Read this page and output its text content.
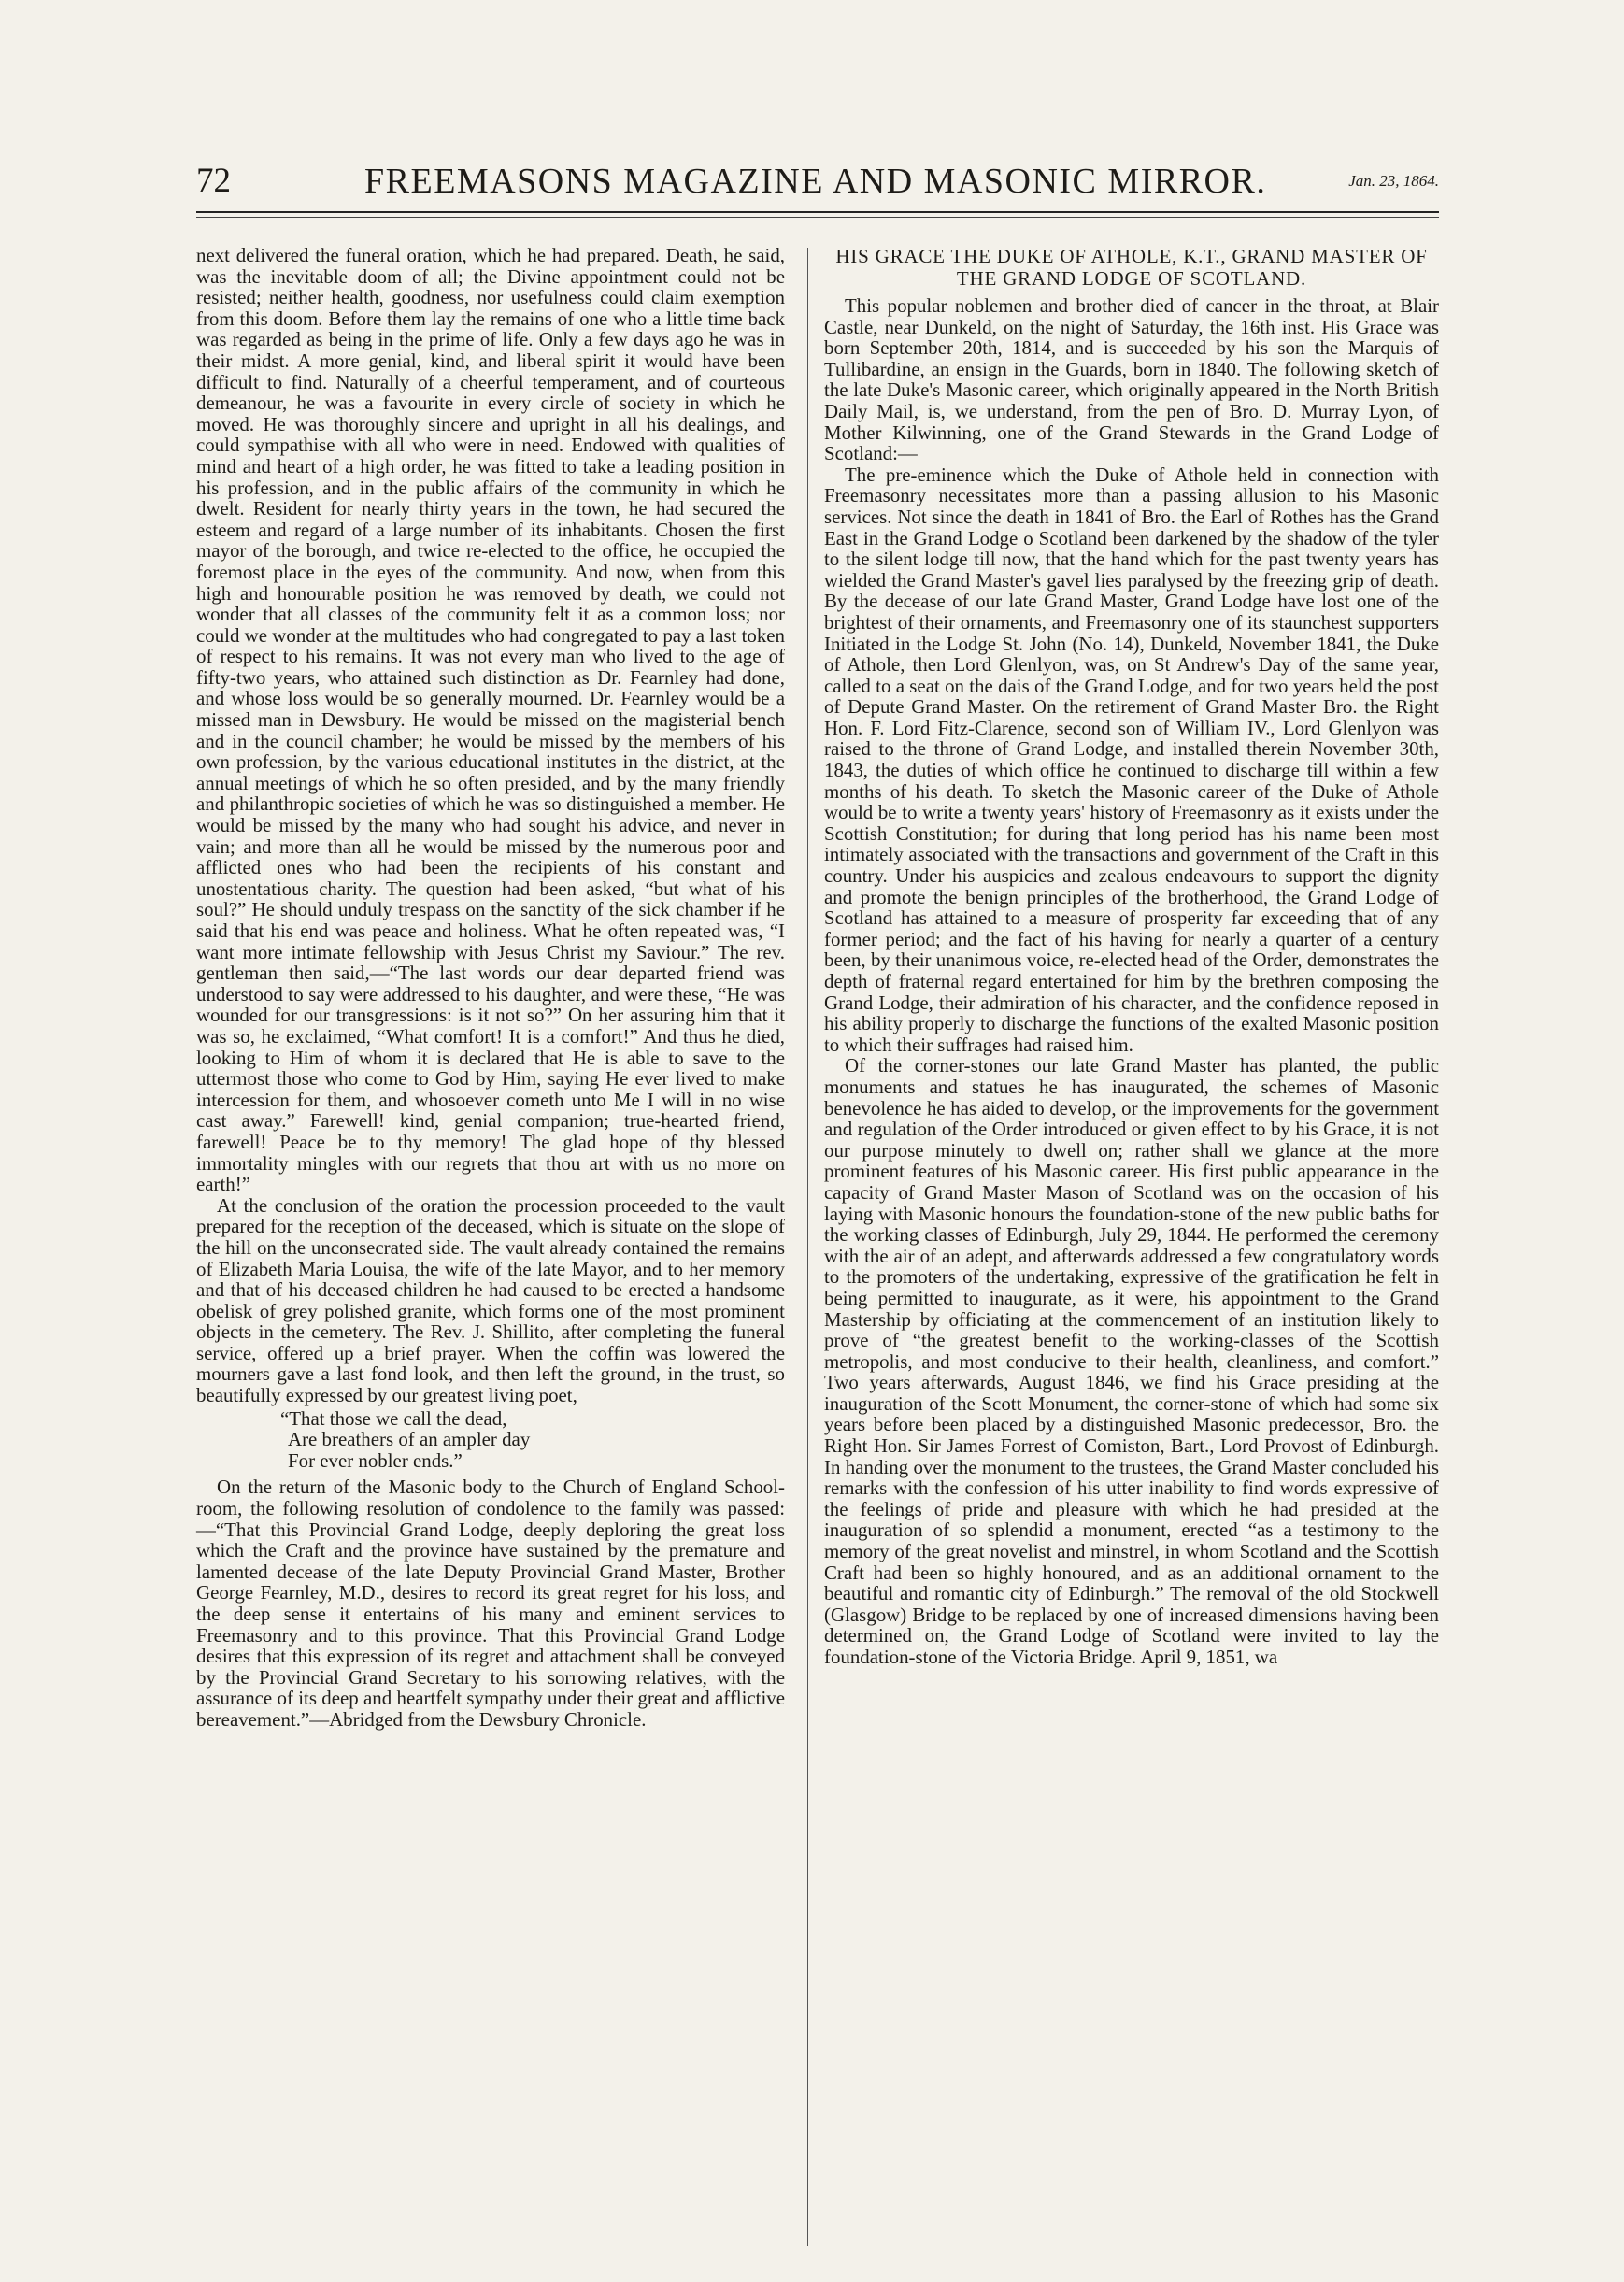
72	FREEMASONS MAGAZINE AND MASONIC MIRROR.	Jan. 23, 1864.

next delivered the funeral oration, which he had prepared. Death, he said, was the inevitable doom of all; the Divine appointment could not be resisted; neither health, goodness, nor usefulness could claim exemption from this doom. Before them lay the remains of one who a little time back was regarded as being in the prime of life. Only a few days ago he was in their midst. A more genial, kind, and liberal spirit it would have been difficult to find. Naturally of a cheerful temperament, and of courteous demeanour, he was a favourite in every circle of society in which he moved. He was thoroughly sincere and upright in all his dealings, and could sympathise with all who were in need. Endowed with qualities of mind and heart of a high order, he was fitted to take a leading position in his profession, and in the public affairs of the community in which he dwelt. Resident for nearly thirty years in the town, he had secured the esteem and regard of a large number of its inhabitants. Chosen the first mayor of the borough, and twice re-elected to the office, he occupied the foremost place in the eyes of the community. And now, when from this high and honourable position he was removed by death, we could not wonder that all classes of the community felt it as a common loss; nor could we wonder at the multitudes who had congregated to pay a last token of respect to his remains. It was not every man who lived to the age of fifty-two years, who attained such distinction as Dr. Fearnley had done, and whose loss would be so generally mourned. Dr. Fearnley would be a missed man in Dewsbury. He would be missed on the magisterial bench and in the council chamber; he would be missed by the members of his own profession, by the various educational institutes in the district, at the annual meetings of which he so often presided, and by the many friendly and philanthropic societies of which he was so distinguished a member. He would be missed by the many who had sought his advice, and never in vain; and more than all he would be missed by the numerous poor and afflicted ones who had been the recipients of his constant and unostentatious charity. The question had been asked, “but what of his soul?” He should unduly trespass on the sanctity of the sick chamber if he said that his end was peace and holiness. What he often repeated was, “I want more intimate fellowship with Jesus Christ my Saviour.” The rev. gentleman then said,—“The last words our dear departed friend was understood to say were addressed to his daughter, and were these, “He was wounded for our transgressions: is it not so?” On her assuring him that it was so, he exclaimed, “What comfort! It is a comfort!” And thus he died, looking to Him of whom it is declared that He is able to save to the uttermost those who come to God by Him, saying He ever lived to make intercession for them, and whosoever cometh unto Me I will in no wise cast away.” Farewell! kind, genial companion; true-hearted friend, farewell! Peace be to thy memory! The glad hope of thy blessed immortality mingles with our regrets that thou art with us no more on earth!”

At the conclusion of the oration the procession proceeded to the vault prepared for the reception of the deceased, which is situate on the slope of the hill on the unconsecrated side. The vault already contained the remains of Elizabeth Maria Louisa, the wife of the late Mayor, and to her memory and that of his deceased children he had caused to be erected a handsome obelisk of grey polished granite, which forms one of the most prominent objects in the cemetery. The Rev. J. Shillito, after completing the funeral service, offered up a brief prayer. When the coffin was lowered the mourners gave a last fond look, and then left the ground, in the trust, so beautifully expressed by our greatest living poet,

“That those we call the dead,
Are breathers of an ampler day
For ever nobler ends.”

On the return of the Masonic body to the Church of England School-room, the following resolution of condolence to the family was passed:—“That this Provincial Grand Lodge, deeply deploring the great loss which the Craft and the province have sustained by the premature and lamented decease of the late Deputy Provincial Grand Master, Brother George Fearnley, M.D., desires to record its great regret for his loss, and the deep sense it entertains of his many and eminent services to Freemasonry and to this province. That this Provincial Grand Lodge desires that this expression of its regret and attachment shall be conveyed by the Provincial Grand Secretary to his sorrowing relatives, with the assurance of its deep and heartfelt sympathy under their great and afflictive bereavement.”—Abridged from the Dewsbury Chronicle.

HIS GRACE THE DUKE OF ATHOLE, K.T., GRAND MASTER OF THE GRAND LODGE OF SCOTLAND.

This popular noblemen and brother died of cancer in the throat, at Blair Castle, near Dunkeld, on the night of Saturday, the 16th inst. His Grace was born September 20th, 1814, and is succeeded by his son the Marquis of Tullibardine, an ensign in the Guards, born in 1840. The following sketch of the late Duke's Masonic career, which originally appeared in the North British Daily Mail, is, we understand, from the pen of Bro. D. Murray Lyon, of Mother Kilwinning, one of the Grand Stewards in the Grand Lodge of Scotland:—

The pre-eminence which the Duke of Athole held in connection with Freemasonry necessitates more than a passing allusion to his Masonic services. Not since the death in 1841 of Bro. the Earl of Rothes has the Grand East in the Grand Lodge o Scotland been darkened by the shadow of the tyler to the silent lodge till now, that the hand which for the past twenty years has wielded the Grand Master's gavel lies paralysed by the freezing grip of death. By the decease of our late Grand Master, Grand Lodge have lost one of the brightest of their ornaments, and Freemasonry one of its staunchest supporters Initiated in the Lodge St. John (No. 14), Dunkeld, November 1841, the Duke of Athole, then Lord Glenlyon, was, on St Andrew's Day of the same year, called to a seat on the dais of the Grand Lodge, and for two years held the post of Depute Grand Master. On the retirement of Grand Master Bro. the Right Hon. F. Lord Fitz-Clarence, second son of William IV., Lord Glenlyon was raised to the throne of Grand Lodge, and installed therein November 30th, 1843, the duties of which office he continued to discharge till within a few months of his death. To sketch the Masonic career of the Duke of Athole would be to write a twenty years' history of Freemasonry as it exists under the Scottish Constitution; for during that long period has his name been most intimately associated with the transactions and government of the Craft in this country. Under his auspicies and zealous endeavours to support the dignity and promote the benign principles of the brotherhood, the Grand Lodge of Scotland has attained to a measure of prosperity far exceeding that of any former period; and the fact of his having for nearly a quarter of a century been, by their unanimous voice, re-elected head of the Order, demonstrates the depth of fraternal regard entertained for him by the brethren composing the Grand Lodge, their admiration of his character, and the confidence reposed in his ability properly to discharge the functions of the exalted Masonic position to which their suffrages had raised him.

Of the corner-stones our late Grand Master has planted, the public monuments and statues he has inaugurated, the schemes of Masonic benevolence he has aided to develop, or the improvements for the government and regulation of the Order introduced or given effect to by his Grace, it is not our purpose minutely to dwell on; rather shall we glance at the more prominent features of his Masonic career. His first public appearance in the capacity of Grand Master Mason of Scotland was on the occasion of his laying with Masonic honours the foundation-stone of the new public baths for the working classes of Edinburgh, July 29, 1844. He performed the ceremony with the air of an adept, and afterwards addressed a few congratulatory words to the promoters of the undertaking, expressive of the gratification he felt in being permitted to inaugurate, as it were, his appointment to the Grand Mastership by officiating at the commencement of an institution likely to prove of “the greatest benefit to the working-classes of the Scottish metropolis, and most conducive to their health, cleanliness, and comfort.” Two years afterwards, August 1846, we find his Grace presiding at the inauguration of the Scott Monument, the corner-stone of which had some six years before been placed by a distinguished Masonic predecessor, Bro. the Right Hon. Sir James Forrest of Comiston, Bart., Lord Provost of Edinburgh. In handing over the monument to the trustees, the Grand Master concluded his remarks with the confession of his utter inability to find words expressive of the feelings of pride and pleasure with which he had presided at the inauguration of so splendid a monument, erected “as a testimony to the memory of the great novelist and minstrel, in whom Scotland and the Scottish Craft had been so highly honoured, and as an additional ornament to the beautiful and romantic city of Edinburgh.” The removal of the old Stockwell (Glasgow) Bridge to be replaced by one of increased dimensions having been determined on, the Grand Lodge of Scotland were invited to lay the foundation-stone of the Victoria Bridge. April 9, 1851, wa
